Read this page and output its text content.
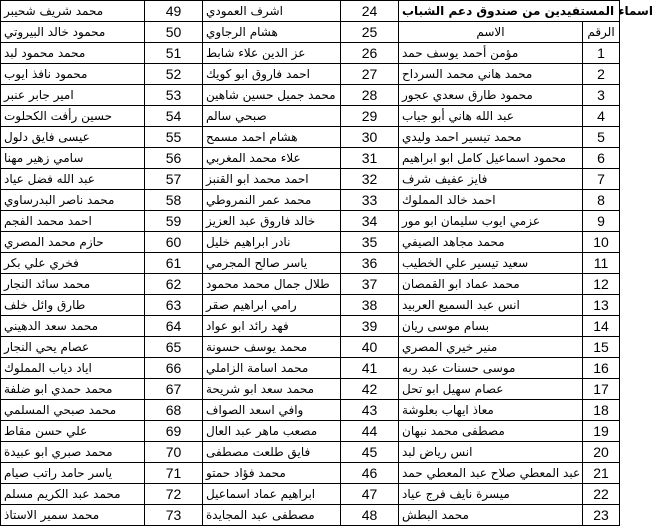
محمد شريف شحيبر	49	اشرف العمودي	24	اسماء المستفيدين من صندوق دعم الشباب	
محمود خالد البيروتي	50	هشام الرجاوي	25	الاسم	الرقم
محمد محمود لبد	51	عز الدين علاء شابط	26	مؤمن أحمد يوسف حمد	1
محمود نافذ ايوب	52	احمد فاروق ابو كويك	27	محمد هاني محمد السرداح	2
امير جابر عنبر	53	محمد جميل حسين شاهين	28	محمود طارق سعدي عجور	3
حسين رأفت الكحلوت	54	صبحي سالم	29	عبد الله هاني أبو جياب	4
عيسى فايق دلول	55	هشام احمد مسمح	30	محمد تيسير احمد وليدي	5
سامي زهير مهنا	56	علاء محمد المغربي	31	محمود اسماعيل كامل ابو ابراهيم	6
عبد الله فضل عياد	57	احمد محمد ابو القنبز	32	فايز عفيف شرف	7
محمد ناصر البدرساوي	58	محمد عمر النمروطي	33	احمد خالد المملوك	8
احمد محمد الفجم	59	خالد فاروق عبد العزيز	34	عزمي ايوب سليمان ابو مور	9
حازم محمد المصري	60	نادر ابراهيم خليل	35	محمد مجاهد الصيفي	10
فخري علي بكر	61	ياسر صالح المجرمي	36	سعيد تيسير علي الخطيب	11
محمد سائد النجار	62	طلال جمال محمد محمود	37	محمد عماد ابو القمصان	12
طارق وائل خلف	63	رامي ابراهيم صقر	38	انس عبد السميع العربيد	13
محمد سعد الدهيني	64	فهد رائد ابو عواد	39	بسام موسى ريان	14
عصام يحي النجار	65	محمد يوسف حسونة	40	منير خيري المصري	15
اياد دياب المملوك	66	محمد اسامة الزاملي	41	موسى حسنات عبد ربه	16
محمد حمدي ابو ضلفة	67	محمد سعد ابو شريحة	42	عصام سهيل ابو تحل	17
محمد صبحي المسلمي	68	وافي اسعد الصواف	43	معاذ ايهاب بعلوشة	18
علي حسن مقاط	69	مصعب ماهر عبد العال	44	مصطفى محمد نبهان	19
محمد صبري ابو عبيدة	70	فايق طلعت مصطفى	45	انس رياض لبد	20
ياسر حامد راتب صيام	71	محمد فؤاد حمتو	46	عبد المعطي صلاح عبد المعطي حمد	21
محمد عبد الكريم مسلم	72	ابراهيم عماد اسماعيل	47	ميسرة نايف فرج عياد	22
محمد سمير الاستاذ	73	مصطفى عبد المجايدة	48	محمد البطش	23
